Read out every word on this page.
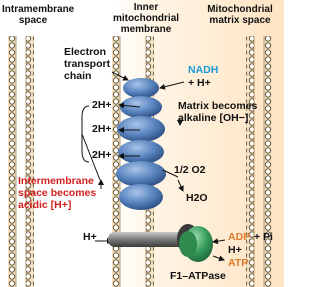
Intramembrane
space
Inner
mitochondrial
membrane
Mitochondrial
matrix space
Electron
transport
chain	NADH
+ H+
2H+
2H+
2H+
Matrix becomes
alkaline [OH−]
Intermembrane
space becomes
acidic [H+]
1/2 O2
H2O
H+	ADP + Pi
H+
ATP
F1–ATPase
